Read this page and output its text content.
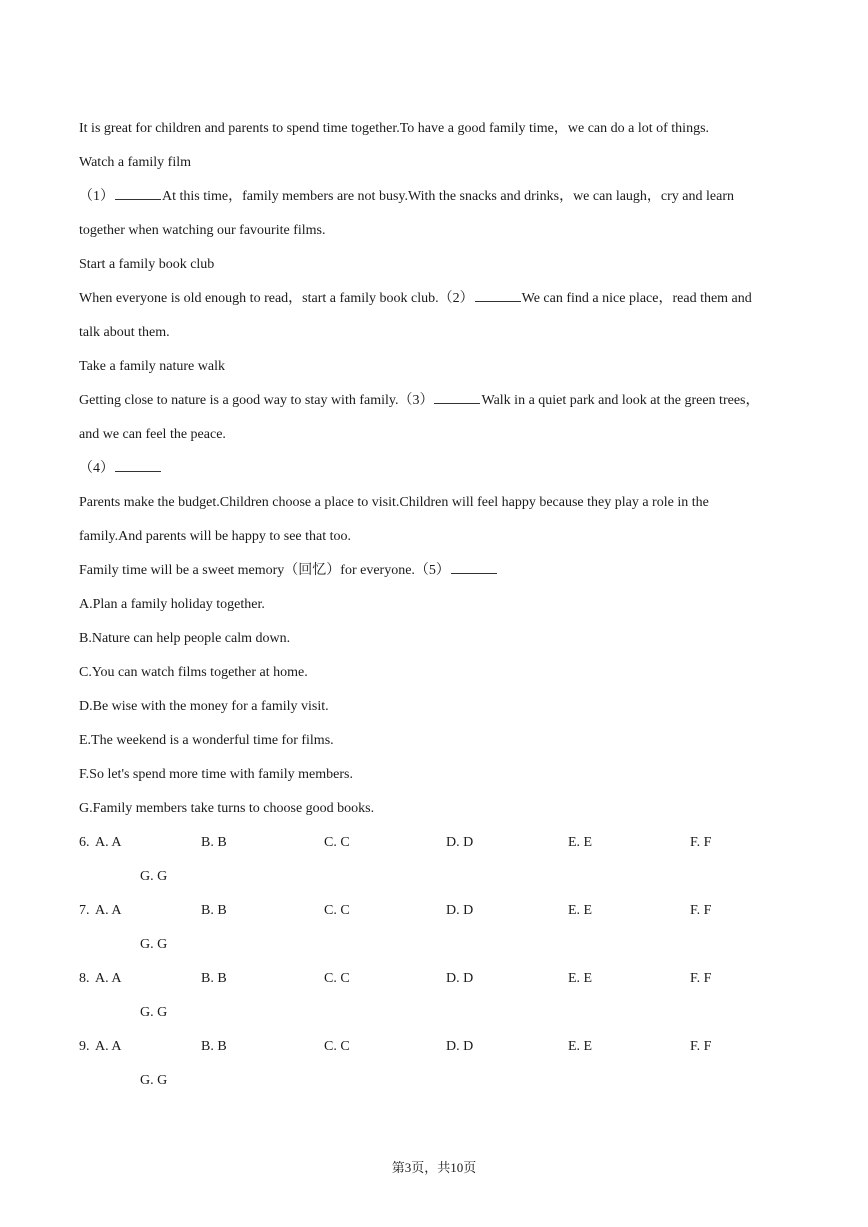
It is great for children and parents to spend time together.To have a good family time，we can do a lot of things.
Watch a family film
（1）	At this time，family members are not busy.With the snacks and drinks，we can laugh，cry and learn
together when watching our favourite films.
Start a family book club
When everyone is old enough to read，start a family book club.（2）	We can find a nice place，read them and
talk about them.
Take a family nature walk
Getting close to nature is a good way to stay with family.（3）	Walk in a quiet park and look at the green trees，
and we can feel the peace.
（4）
Parents make the budget.Children choose a place to visit.Children will feel happy because they play a role in the
family.And parents will be happy to see that too.
Family time will be a sweet memory（回忆）for everyone.（5）
A.Plan a family holiday together.
B.Nature can help people calm down.
C.You can watch films together at home.
D.Be wise with the money for a family visit.
E.The weekend is a wonderful time for films.
F.So let's spend more time with family members.
G.Family members take turns to choose good books.
6. A. A	B. B	C. C	D. D	E. E	F. F
G. G
7. A. A	B. B	C. C	D. D	E. E	F. F
G. G
8. A. A	B. B	C. C	D. D	E. E	F. F
G. G
9. A. A	B. B	C. C	D. D	E. E	F. F
G. G
第3页，共10页
